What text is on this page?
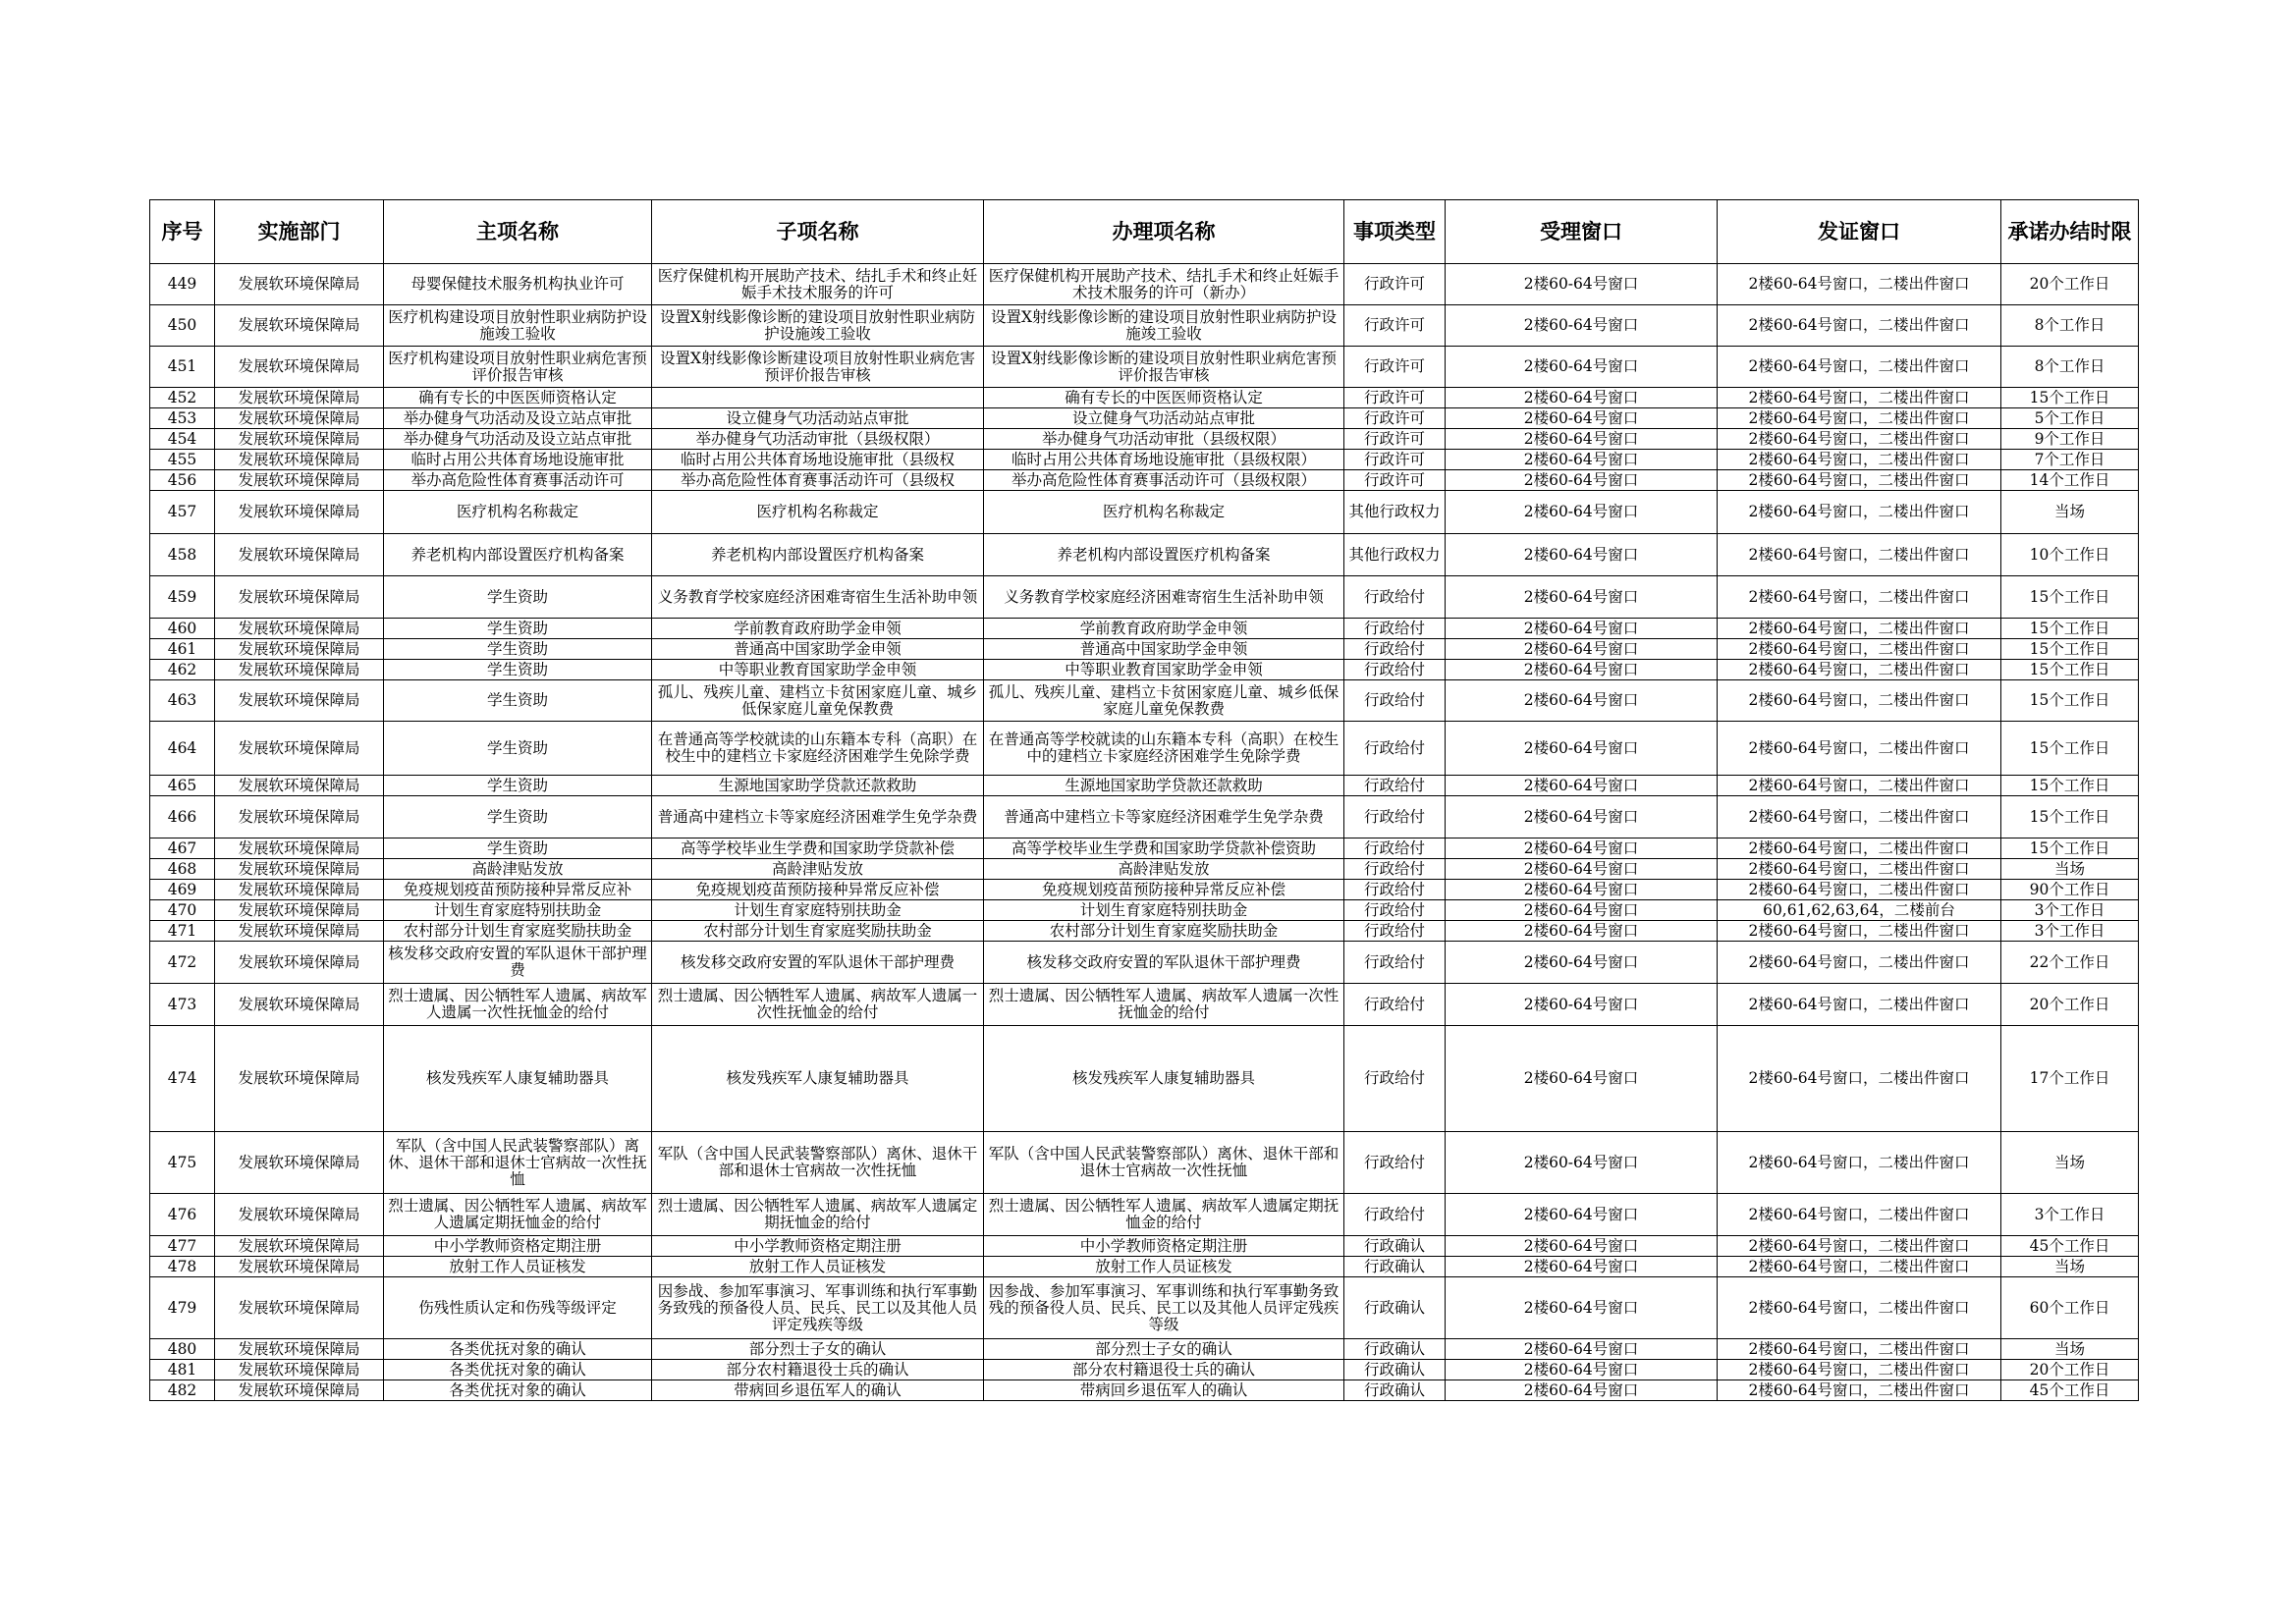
序号	实施部门	主项名称	子项名称	办理项名称	事项类型	受理窗口	发证窗口	承诺办结时限
449	发展软环境保障局	母婴保健技术服务机构执业许可	医疗保健机构开展助产技术、结扎手术和终止妊娠手术技术服务的许可	医疗保健机构开展助产技术、结扎手术和终止妊娠手术技术服务的许可（新办）	行政许可	2楼60-64号窗口	2楼60-64号窗口，二楼出件窗口	20个工作日
450	发展软环境保障局	医疗机构建设项目放射性职业病防护设施竣工验收	设置X射线影像诊断的建设项目放射性职业病防护设施竣工验收	设置X射线影像诊断的建设项目放射性职业病防护设施竣工验收	行政许可	2楼60-64号窗口	2楼60-64号窗口，二楼出件窗口	8个工作日
451	发展软环境保障局	医疗机构建设项目放射性职业病危害预评价报告审核	设置X射线影像诊断建设项目放射性职业病危害预评价报告审核	设置X射线影像诊断的建设项目放射性职业病危害预评价报告审核	行政许可	2楼60-64号窗口	2楼60-64号窗口，二楼出件窗口	8个工作日
452	发展软环境保障局	确有专长的中医医师资格认定		确有专长的中医医师资格认定	行政许可	2楼60-64号窗口	2楼60-64号窗口，二楼出件窗口	15个工作日
453	发展软环境保障局	举办健身气功活动及设立站点审批	设立健身气功活动站点审批	设立健身气功活动站点审批	行政许可	2楼60-64号窗口	2楼60-64号窗口，二楼出件窗口	5个工作日
454	发展软环境保障局	举办健身气功活动及设立站点审批	举办健身气功活动审批（县级权限）	举办健身气功活动审批（县级权限）	行政许可	2楼60-64号窗口	2楼60-64号窗口，二楼出件窗口	9个工作日
455	发展软环境保障局	临时占用公共体育场地设施审批	临时占用公共体育场地设施审批（县级权	临时占用公共体育场地设施审批（县级权限）	行政许可	2楼60-64号窗口	2楼60-64号窗口，二楼出件窗口	7个工作日
456	发展软环境保障局	举办高危险性体育赛事活动许可	举办高危险性体育赛事活动许可（县级权	举办高危险性体育赛事活动许可（县级权限）	行政许可	2楼60-64号窗口	2楼60-64号窗口，二楼出件窗口	14个工作日
457	发展软环境保障局	医疗机构名称裁定	医疗机构名称裁定	医疗机构名称裁定	其他行政权力	2楼60-64号窗口	2楼60-64号窗口，二楼出件窗口	当场
458	发展软环境保障局	养老机构内部设置医疗机构备案	养老机构内部设置医疗机构备案	养老机构内部设置医疗机构备案	其他行政权力	2楼60-64号窗口	2楼60-64号窗口，二楼出件窗口	10个工作日
459	发展软环境保障局	学生资助	义务教育学校家庭经济困难寄宿生生活补助申领	义务教育学校家庭经济困难寄宿生生活补助申领	行政给付	2楼60-64号窗口	2楼60-64号窗口，二楼出件窗口	15个工作日
460	发展软环境保障局	学生资助	学前教育政府助学金申领	学前教育政府助学金申领	行政给付	2楼60-64号窗口	2楼60-64号窗口，二楼出件窗口	15个工作日
461	发展软环境保障局	学生资助	普通高中国家助学金申领	普通高中国家助学金申领	行政给付	2楼60-64号窗口	2楼60-64号窗口，二楼出件窗口	15个工作日
462	发展软环境保障局	学生资助	中等职业教育国家助学金申领	中等职业教育国家助学金申领	行政给付	2楼60-64号窗口	2楼60-64号窗口，二楼出件窗口	15个工作日
463	发展软环境保障局	学生资助	孤儿、残疾儿童、建档立卡贫困家庭儿童、城乡低保家庭儿童免保教费	孤儿、残疾儿童、建档立卡贫困家庭儿童、城乡低保家庭儿童免保教费	行政给付	2楼60-64号窗口	2楼60-64号窗口，二楼出件窗口	15个工作日
464	发展软环境保障局	学生资助	在普通高等学校就读的山东籍本专科（高职）在校生中的建档立卡家庭经济困难学生免除学费	在普通高等学校就读的山东籍本专科（高职）在校生中的建档立卡家庭经济困难学生免除学费	行政给付	2楼60-64号窗口	2楼60-64号窗口，二楼出件窗口	15个工作日
465	发展软环境保障局	学生资助	生源地国家助学贷款还款救助	生源地国家助学贷款还款救助	行政给付	2楼60-64号窗口	2楼60-64号窗口，二楼出件窗口	15个工作日
466	发展软环境保障局	学生资助	普通高中建档立卡等家庭经济困难学生免学杂费	普通高中建档立卡等家庭经济困难学生免学杂费	行政给付	2楼60-64号窗口	2楼60-64号窗口，二楼出件窗口	15个工作日
467	发展软环境保障局	学生资助	高等学校毕业生学费和国家助学贷款补偿	高等学校毕业生学费和国家助学贷款补偿资助	行政给付	2楼60-64号窗口	2楼60-64号窗口，二楼出件窗口	15个工作日
468	发展软环境保障局	高龄津贴发放	高龄津贴发放	高龄津贴发放	行政给付	2楼60-64号窗口	2楼60-64号窗口，二楼出件窗口	当场
469	发展软环境保障局	免疫规划疫苗预防接种异常反应补	免疫规划疫苗预防接种异常反应补偿	免疫规划疫苗预防接种异常反应补偿	行政给付	2楼60-64号窗口	2楼60-64号窗口，二楼出件窗口	90个工作日
470	发展软环境保障局	计划生育家庭特别扶助金	计划生育家庭特别扶助金	计划生育家庭特别扶助金	行政给付	2楼60-64号窗口	60,61,62,63,64，二楼前台	3个工作日
471	发展软环境保障局	农村部分计划生育家庭奖励扶助金	农村部分计划生育家庭奖励扶助金	农村部分计划生育家庭奖励扶助金	行政给付	2楼60-64号窗口	2楼60-64号窗口，二楼出件窗口	3个工作日
472	发展软环境保障局	核发移交政府安置的军队退休干部护理费	核发移交政府安置的军队退休干部护理费	核发移交政府安置的军队退休干部护理费	行政给付	2楼60-64号窗口	2楼60-64号窗口，二楼出件窗口	22个工作日
473	发展软环境保障局	烈士遗属、因公牺牲军人遗属、病故军人遗属一次性抚恤金的给付	烈士遗属、因公牺牲军人遗属、病故军人遗属一次性抚恤金的给付	烈士遗属、因公牺牲军人遗属、病故军人遗属一次性抚恤金的给付	行政给付	2楼60-64号窗口	2楼60-64号窗口，二楼出件窗口	20个工作日
474	发展软环境保障局	核发残疾军人康复辅助器具	核发残疾军人康复辅助器具	核发残疾军人康复辅助器具	行政给付	2楼60-64号窗口	2楼60-64号窗口，二楼出件窗口	17个工作日
475	发展软环境保障局	军队（含中国人民武装警察部队）离休、退休干部和退休士官病故一次性抚恤	军队（含中国人民武装警察部队）离休、退休干部和退休士官病故一次性抚恤	军队（含中国人民武装警察部队）离休、退休干部和退休士官病故一次性抚恤	行政给付	2楼60-64号窗口	2楼60-64号窗口，二楼出件窗口	当场
476	发展软环境保障局	烈士遗属、因公牺牲军人遗属、病故军人遗属定期抚恤金的给付	烈士遗属、因公牺牲军人遗属、病故军人遗属定期抚恤金的给付	烈士遗属、因公牺牲军人遗属、病故军人遗属定期抚恤金的给付	行政给付	2楼60-64号窗口	2楼60-64号窗口，二楼出件窗口	3个工作日
477	发展软环境保障局	中小学教师资格定期注册	中小学教师资格定期注册	中小学教师资格定期注册	行政确认	2楼60-64号窗口	2楼60-64号窗口，二楼出件窗口	45个工作日
478	发展软环境保障局	放射工作人员证核发	放射工作人员证核发	放射工作人员证核发	行政确认	2楼60-64号窗口	2楼60-64号窗口，二楼出件窗口	当场
479	发展软环境保障局	伤残性质认定和伤残等级评定	因参战、参加军事演习、军事训练和执行军事勤务致残的预备役人员、民兵、民工以及其他人员评定残疾等级	因参战、参加军事演习、军事训练和执行军事勤务致残的预备役人员、民兵、民工以及其他人员评定残疾等级	行政确认	2楼60-64号窗口	2楼60-64号窗口，二楼出件窗口	60个工作日
480	发展软环境保障局	各类优抚对象的确认	部分烈士子女的确认	部分烈士子女的确认	行政确认	2楼60-64号窗口	2楼60-64号窗口，二楼出件窗口	当场
481	发展软环境保障局	各类优抚对象的确认	部分农村籍退役士兵的确认	部分农村籍退役士兵的确认	行政确认	2楼60-64号窗口	2楼60-64号窗口，二楼出件窗口	20个工作日
482	发展软环境保障局	各类优抚对象的确认	带病回乡退伍军人的确认	带病回乡退伍军人的确认	行政确认	2楼60-64号窗口	2楼60-64号窗口，二楼出件窗口	45个工作日
